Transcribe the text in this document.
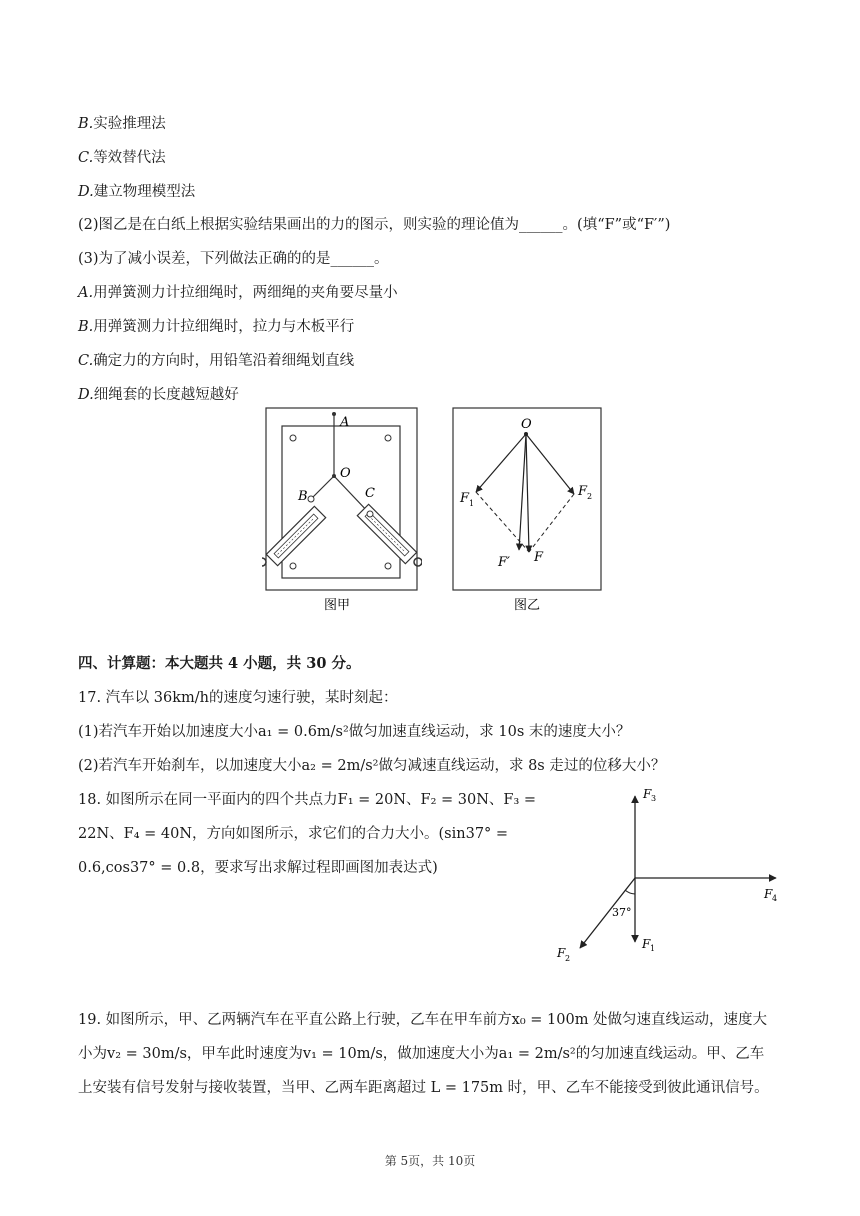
B.实验推理法
C.等效替代法
D.建立物理模型法
(2)图乙是在白纸上根据实验结果画出的力的图示，则实验的理论值为______。(填“F”或“F′”)
(3)为了减小误差，下列做法正确的的是______。
A.用弹簧测力计拉细绳时，两细绳的夹角要尽量小
B.用弹簧测力计拉细绳时，拉力与木板平行
C.确定力的方向时，用铅笔沿着细绳划直线
D.细绳套的长度越短越好
A
O
B	C
图甲
O
F 1
F 2
F′ F
图乙
四、计算题：本大题共 4 小题，共 30 分。
17. 汽车以 36km/h的速度匀速行驶，某时刻起：
(1)若汽车开始以加速度大小a₁ = 0.6m/s²做匀加速直线运动，求 10s 末的速度大小？
(2)若汽车开始刹车，以加速度大小a₂ = 2m/s²做匀减速直线运动，求 8s 走过的位移大小？
18. 如图所示在同一平面内的四个共点力F₁ = 20N、F₂ = 30N、F₃ =
22N、F₄ = 40N，方向如图所示，求它们的合力大小。(sin37° =
0.6,cos37° = 0.8，要求写出求解过程即画图加表达式)
F 3
F 4
F 1
F 2
37°
19. 如图所示，甲、乙两辆汽车在平直公路上行驶，乙车在甲车前方x₀ = 100m 处做匀速直线运动，速度大
小为v₂ = 30m/s，甲车此时速度为v₁ = 10m/s，做加速度大小为a₁ = 2m/s²的匀加速直线运动。甲、乙车
上安装有信号发射与接收装置，当甲、乙两车距离超过 L = 175m 时，甲、乙车不能接受到彼此通讯信号。
第 5页，共 10页
